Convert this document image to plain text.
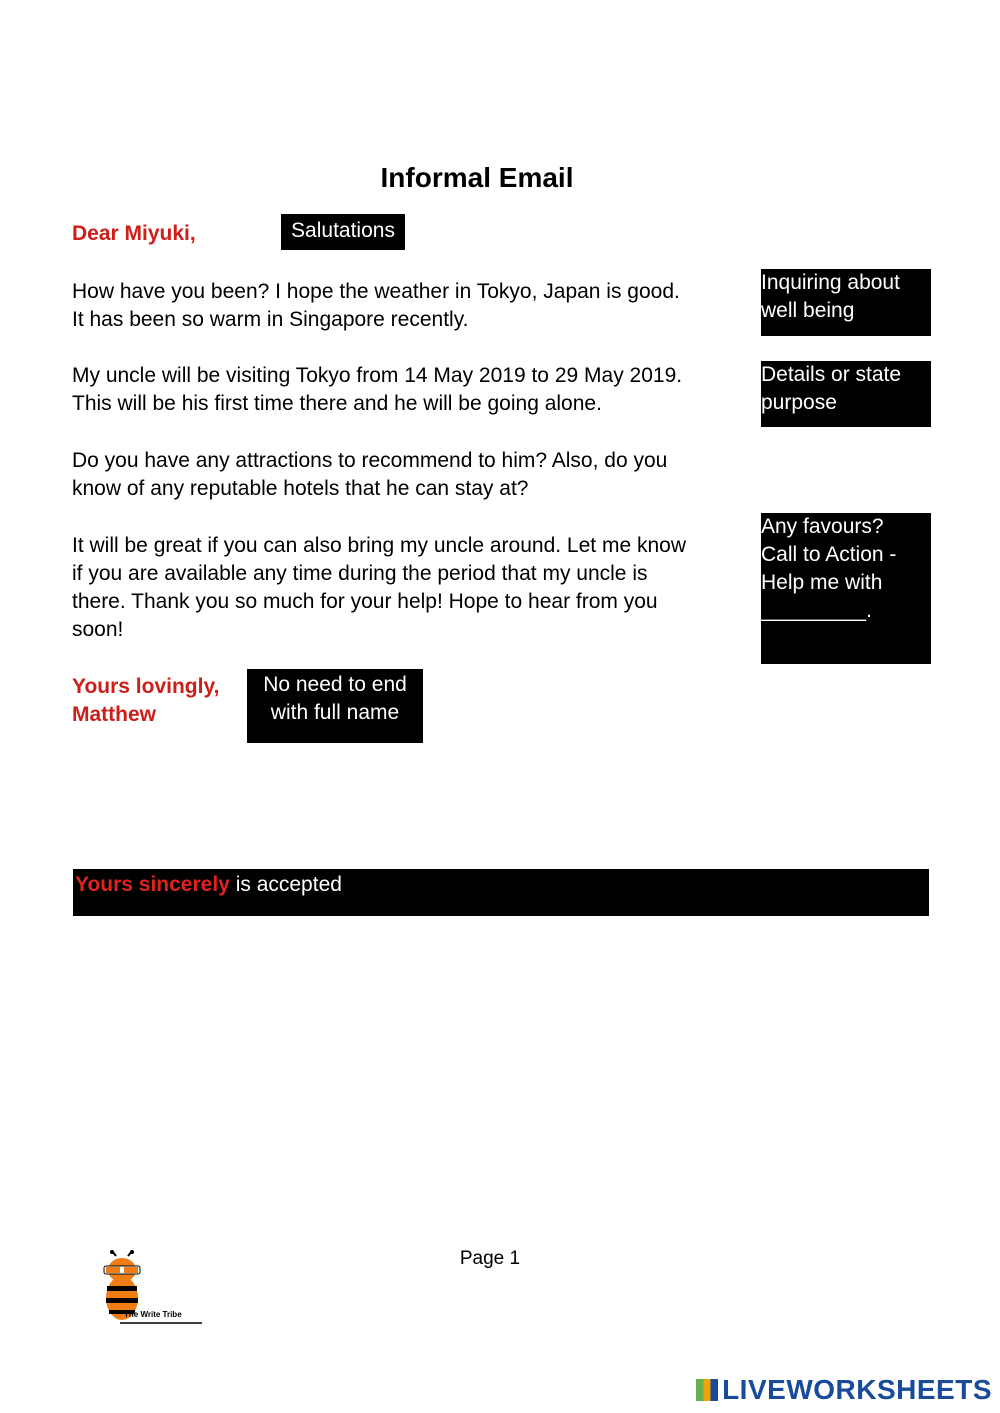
Informal Email
Dear Miyuki,	Salutations
How have you been? I hope the weather in Tokyo, Japan is good.
It has been so warm in Singapore recently.
Inquiring about well being
My uncle will be visiting Tokyo from 14 May 2019 to 29 May 2019.
This will be his first time there and he will be going alone.
Details or state purpose
Do you have any attractions to recommend to him? Also, do you
know of any reputable hotels that he can stay at?
It will be great if you can also bring my uncle around. Let me know
if you are available any time during the period that my uncle is
there. Thank you so much for your help! Hope to hear from you
soon!
Any favours?
Call to Action -
Help me with
_________.
Yours lovingly,
Matthew
No need to end
with full name
Yours sincerely is accepted
Page 1
The Write Tribe
LIVEWORKSHEETS
